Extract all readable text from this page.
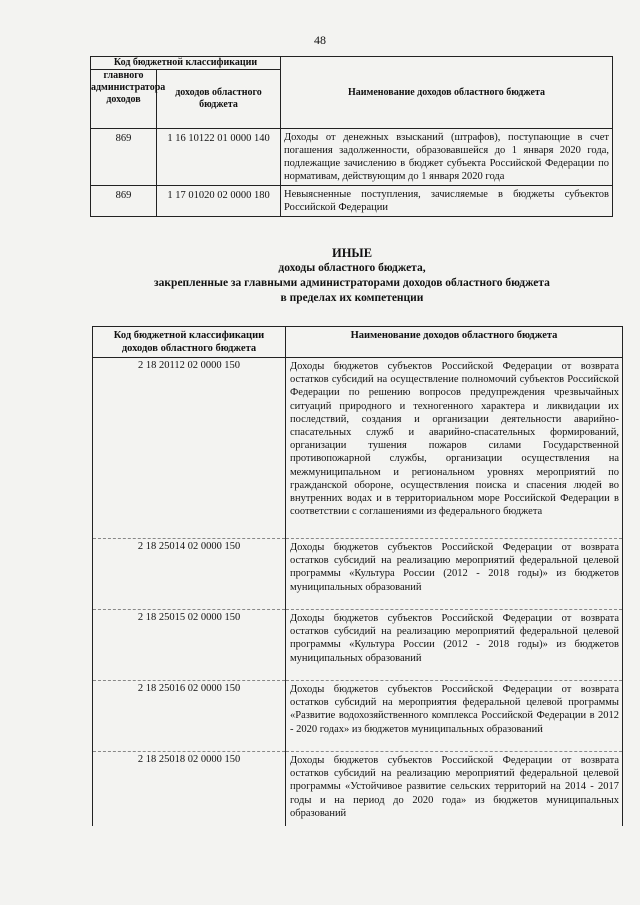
48
Код бюджетной классификации		Наименование доходов областного бюджета
главного администратора доходов	доходов областного бюджета	
869	1 16 10122 01 0000 140	Доходы от денежных взысканий (штрафов), поступающие в счет погашения задолженности, образовавшейся до 1 января 2020 года, подлежащие зачислению в бюджет субъекта Российской Федерации по нормативам, действующим до 1 января 2020 года
869	1 17 01020 02 0000 180	Невыясненные поступления, зачисляемые в бюджеты субъектов Российской Федерации
ИНЫЕ
доходы областного бюджета,
закрепленные за главными администраторами доходов областного бюджета
в пределах их компетенции
Код бюджетной классификации доходов областного бюджета	Наименование доходов областного бюджета
2 18 20112 02 0000 150	Доходы бюджетов субъектов Российской Федерации от возврата остатков субсидий на осуществление полномочий субъектов Российской Федерации по решению вопросов предупреждения чрезвычайных ситуаций природного и техногенного характера и ликвидации их последствий, создания и организации деятельности аварийно-спасательных служб и аварийно-спасательных формирований, организации тушения пожаров силами Государственной противопожарной службы, организации осуществления на межмуниципальном и региональном уровнях мероприятий по гражданской обороне, осуществления поиска и спасения людей во внутренних водах и в территориальном море Российской Федерации в соответствии с соглашениями из федерального бюджета
2 18 25014 02 0000 150	Доходы бюджетов субъектов Российской Федерации от возврата остатков субсидий на реализацию мероприятий федеральной целевой программы «Культура России (2012 - 2018 годы)» из бюджетов муниципальных образований
2 18 25015 02 0000 150	Доходы бюджетов субъектов Российской Федерации от возврата остатков субсидий на реализацию мероприятий федеральной целевой программы «Культура России (2012 - 2018 годы)» из бюджетов муниципальных образований
2 18 25016 02 0000 150	Доходы бюджетов субъектов Российской Федерации от возврата остатков субсидий на мероприятия федеральной целевой программы «Развитие водохозяйственного комплекса Российской Федерации в 2012 - 2020 годах» из бюджетов муниципальных образований
2 18 25018 02 0000 150	Доходы бюджетов субъектов Российской Федерации от возврата остатков субсидий на реализацию мероприятий федеральной целевой программы «Устойчивое развитие сельских территорий на 2014 - 2017 годы и на период до 2020 года» из бюджетов муниципальных образований
